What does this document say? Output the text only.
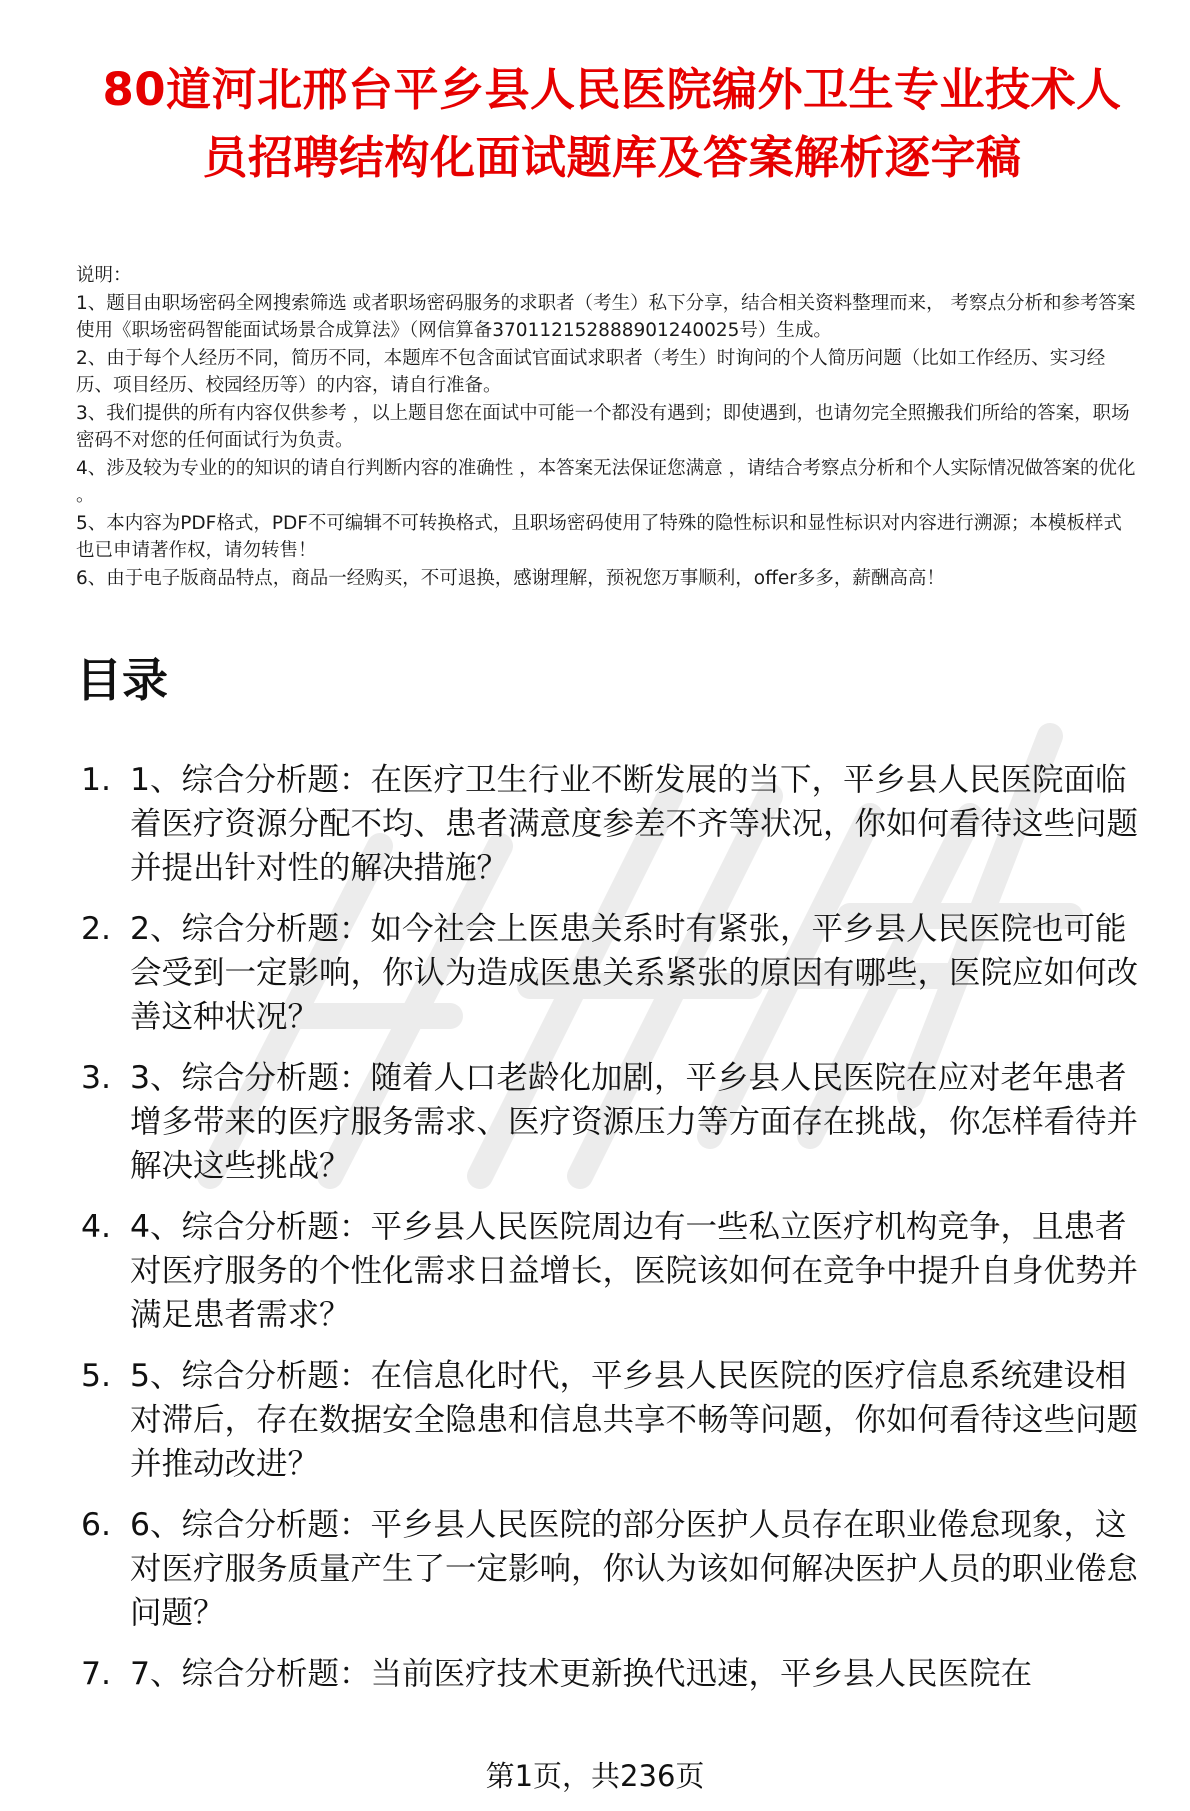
80道河北邢台平乡县人民医院编外卫生专业技术人员招聘结构化面试题库及答案解析逐字稿

说明：

1、题目由职场密码全网搜索筛选 或者职场密码服务的求职者（考生）私下分享，结合相关资料整理而来， 考察点分析和参考答案使用《职场密码智能面试场景合成算法》（网信算备370112152888901240025号）生成。

2、由于每个人经历不同，简历不同，本题库不包含面试官面试求职者（考生）时询问的个人简历问题（比如工作经历、实习经历、项目经历、校园经历等）的内容，请自行准备。

3、我们提供的所有内容仅供参考 ，以上题目您在面试中可能一个都没有遇到；即使遇到，也请勿完全照搬我们所给的答案，职场密码不对您的任何面试行为负责。

4、涉及较为专业的的知识的请自行判断内容的准确性 ，本答案无法保证您满意 ，请结合考察点分析和个人实际情况做答案的优化 。

5、本内容为PDF格式，PDF不可编辑不可转换格式，且职场密码使用了特殊的隐性标识和显性标识对内容进行溯源；本模板样式也已申请著作权，请勿转售！

6、由于电子版商品特点，商品一经购买，不可退换，感谢理解，预祝您万事顺利，offer多多，薪酬高高！

目录
1. 1、综合分析题：在医疗卫生行业不断发展的当下，平乡县人民医院面临着医疗资源分配不均、患者满意度参差不齐等状况，你如何看待这些问题并提出针对性的解决措施？
2. 2、综合分析题：如今社会上医患关系时有紧张，平乡县人民医院也可能会受到一定影响，你认为造成医患关系紧张的原因有哪些，医院应如何改善这种状况？
3. 3、综合分析题：随着人口老龄化加剧，平乡县人民医院在应对老年患者增多带来的医疗服务需求、医疗资源压力等方面存在挑战，你怎样看待并解决这些挑战？
4. 4、综合分析题：平乡县人民医院周边有一些私立医疗机构竞争，且患者对医疗服务的个性化需求日益增长，医院该如何在竞争中提升自身优势并满足患者需求？
5. 5、综合分析题：在信息化时代，平乡县人民医院的医疗信息系统建设相对滞后，存在数据安全隐患和信息共享不畅等问题，你如何看待这些问题并推动改进？
6. 6、综合分析题：平乡县人民医院的部分医护人员存在职业倦怠现象，这对医疗服务质量产生了一定影响，你认为该如何解决医护人员的职业倦怠问题？
7. 7、综合分析题：当前医疗技术更新换代迅速，平乡县人民医院在
第1页，共236页
